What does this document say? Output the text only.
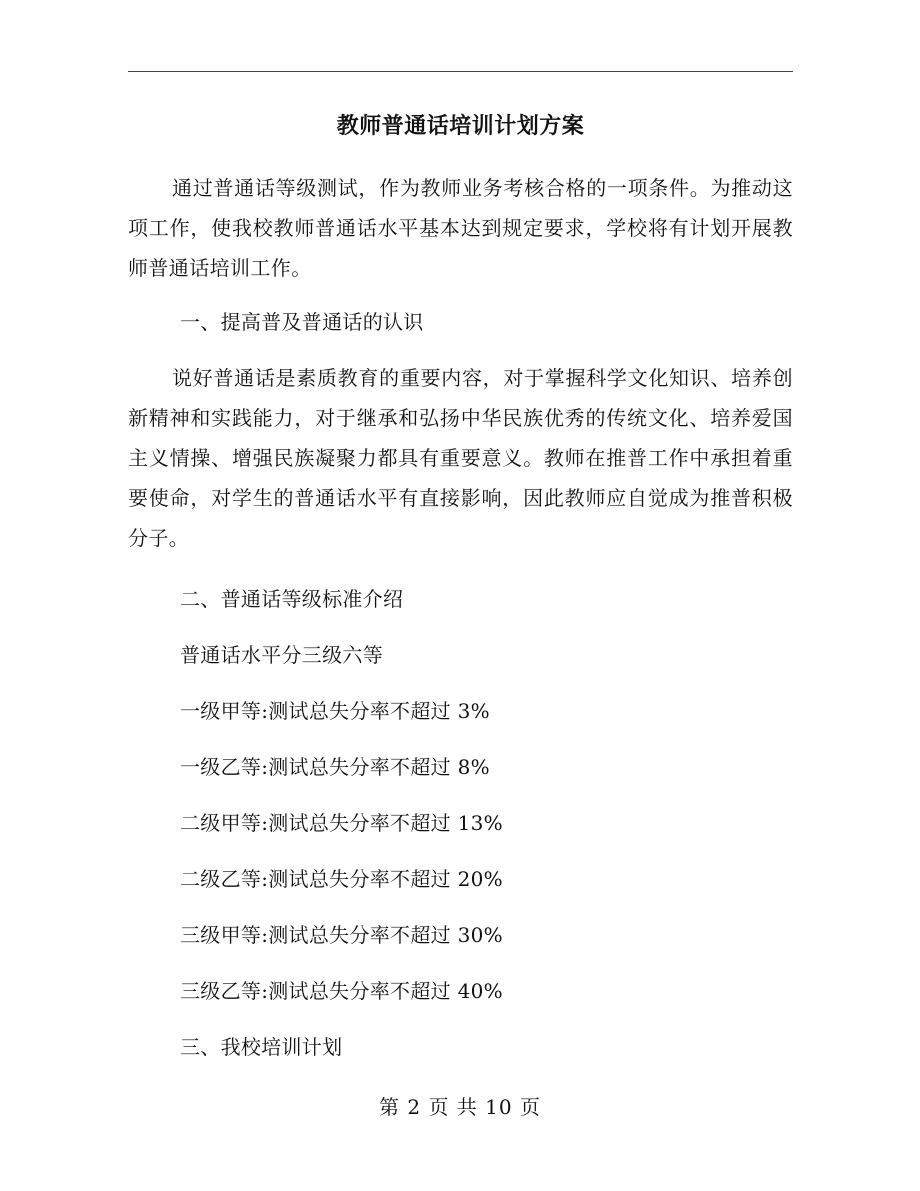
教师普通话培训计划方案

通过普通话等级测试，作为教师业务考核合格的一项条件。为推动这项工作，使我校教师普通话水平基本达到规定要求，学校将有计划开展教师普通话培训工作。

一、提高普及普通话的认识

说好普通话是素质教育的重要内容，对于掌握科学文化知识、培养创新精神和实践能力，对于继承和弘扬中华民族优秀的传统文化、培养爱国主义情操、增强民族凝聚力都具有重要意义。教师在推普工作中承担着重要使命，对学生的普通话水平有直接影响，因此教师应自觉成为推普积极分子。

二、普通话等级标准介绍

普通话水平分三级六等

一级甲等:测试总失分率不超过 3%

一级乙等:测试总失分率不超过 8%

二级甲等:测试总失分率不超过 13%

二级乙等:测试总失分率不超过 20%

三级甲等:测试总失分率不超过 30%

三级乙等:测试总失分率不超过 40%

三、我校培训计划

第 2 页 共 10 页
